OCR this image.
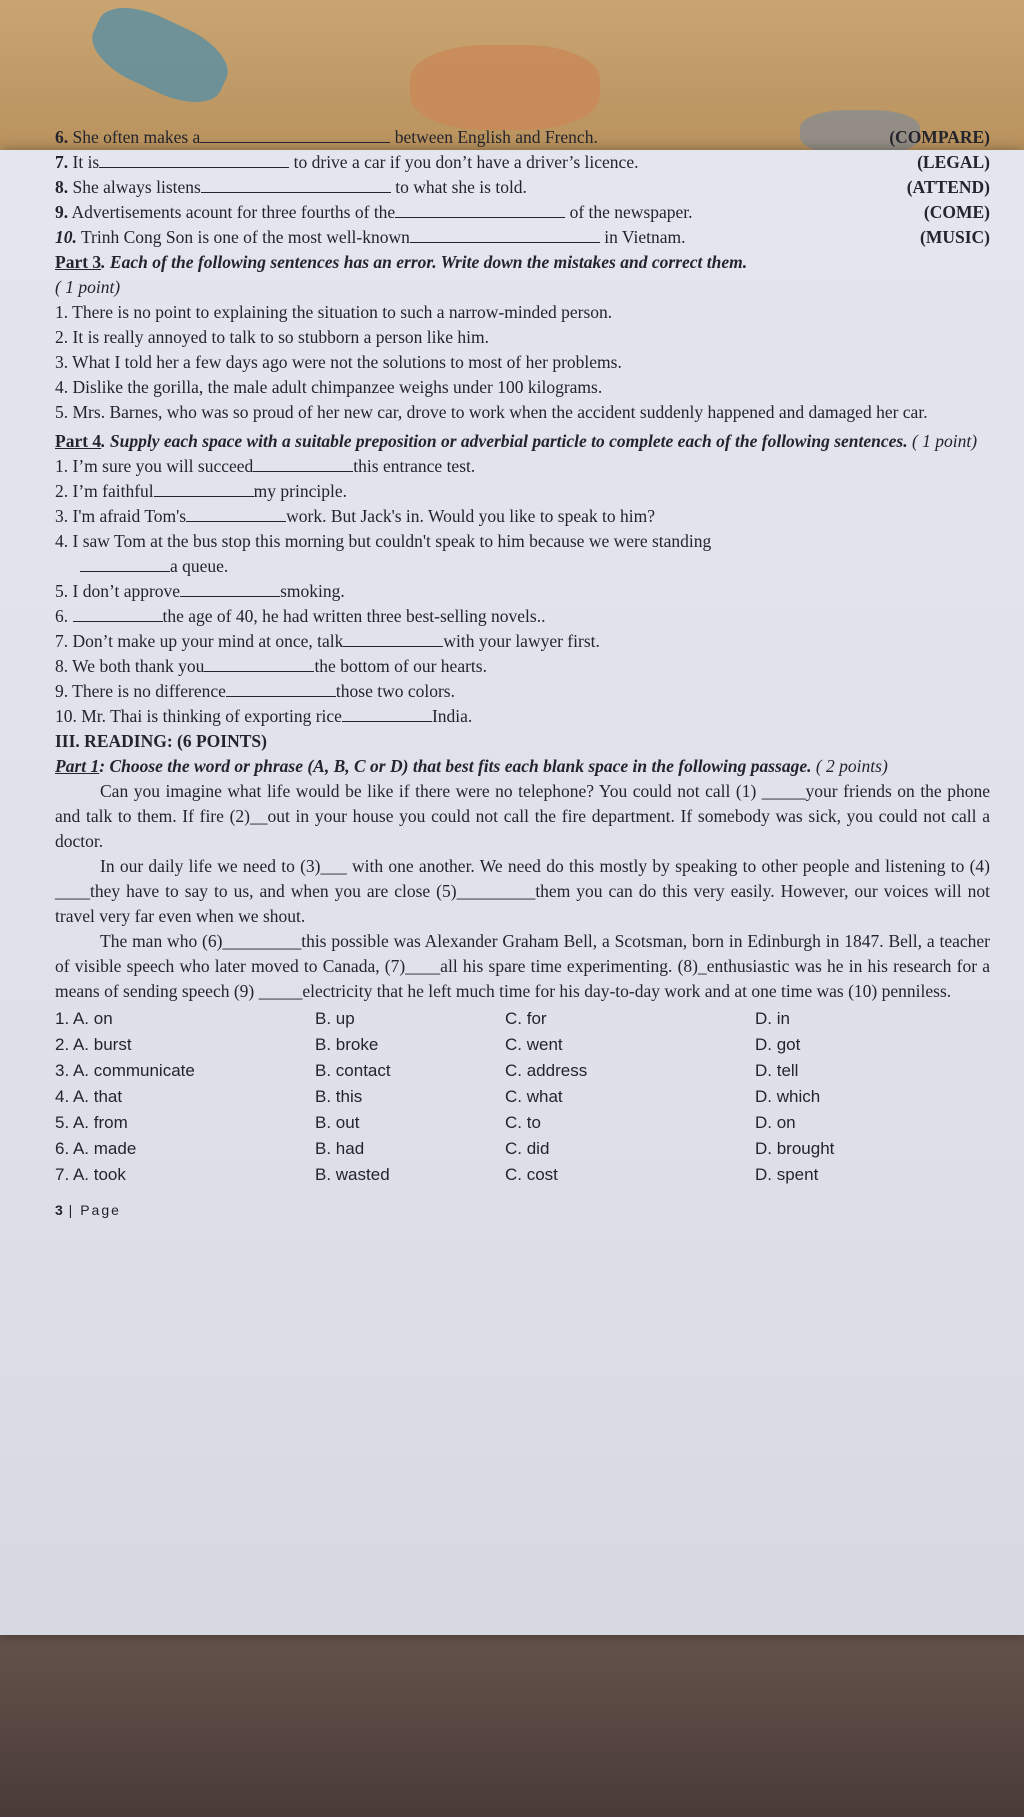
6. She often makes a	between English and French.	(COMPARE)
7. It is	to drive a car if you don’t have a driver’s licence.	(LEGAL)
8. She always listens	to what she is told.	(ATTEND)
9. Advertisements acount for three fourths of the	of the newspaper.	(COME)
10. Trinh Cong Son is one of the most well-known	in Vietnam.	(MUSIC)
Part 3. Each of the following sentences has an error. Write down the mistakes and correct them.
( 1 point)
1. There is no point to explaining the situation to such a narrow-minded person.
2. It is really annoyed to talk to so stubborn a person like him.
3. What I told her a few days ago were not the solutions to most of her problems.
4. Dislike the gorilla, the male adult chimpanzee weighs under 100 kilograms.
5. Mrs. Barnes, who was so proud of her new car, drove to work when the accident suddenly happened and damaged her car.
Part 4. Supply each space with a suitable preposition or adverbial particle to complete each of the following sentences. ( 1 point)
1. I’m sure you will succeed	this entrance test.
2. I’m faithful	my principle.
3. I'm afraid Tom's	work. But Jack's in. Would you like to speak to him?
4. I saw Tom at the bus stop this morning but couldn't speak to him because we were standing
a queue.
5. I don’t approve	smoking.
6.	the age of 40, he had written three best-selling novels..
7. Don’t make up your mind at once, talk	with your lawyer first.
8. We both thank you	the bottom of our hearts.
9. There is no difference	those two colors.
10. Mr. Thai is thinking of exporting rice	India.
III. READING: (6 POINTS)
Part 1: Choose the word or phrase (A, B, C or D) that best fits each blank space in the following passage. ( 2 points)
Can you imagine what life would be like if there were no telephone? You could not call (1) _____your friends on the phone and talk to them. If fire (2)__out in your house you could not call the fire department. If somebody was sick, you could not call a doctor.
In our daily life we need to (3)___ with one another. We need do this mostly by speaking to other people and listening to (4) ____they have to say to us, and when you are close (5)_________them you can do this very easily. However, our voices will not travel very far even when we shout.
The man who (6)_________this possible was Alexander Graham Bell, a Scotsman, born in Edinburgh in 1847. Bell, a teacher of visible speech who later moved to Canada, (7)____all his spare time experimenting. (8)_enthusiastic was he in his research for a means of sending speech (9) _____electricity that he left much time for his day-to-day work and at one time was (10) penniless.
1. A. on	B. up	C. for	D. in
2. A. burst	B. broke	C. went	D. got
3. A. communicate	B. contact	C. address	D. tell
4. A. that	B. this	C. what	D. which
5. A. from	B. out	C. to	D. on
6. A. made	B. had	C. did	D. brought
7. A. took	B. wasted	C. cost	D. spent
3 | Page
